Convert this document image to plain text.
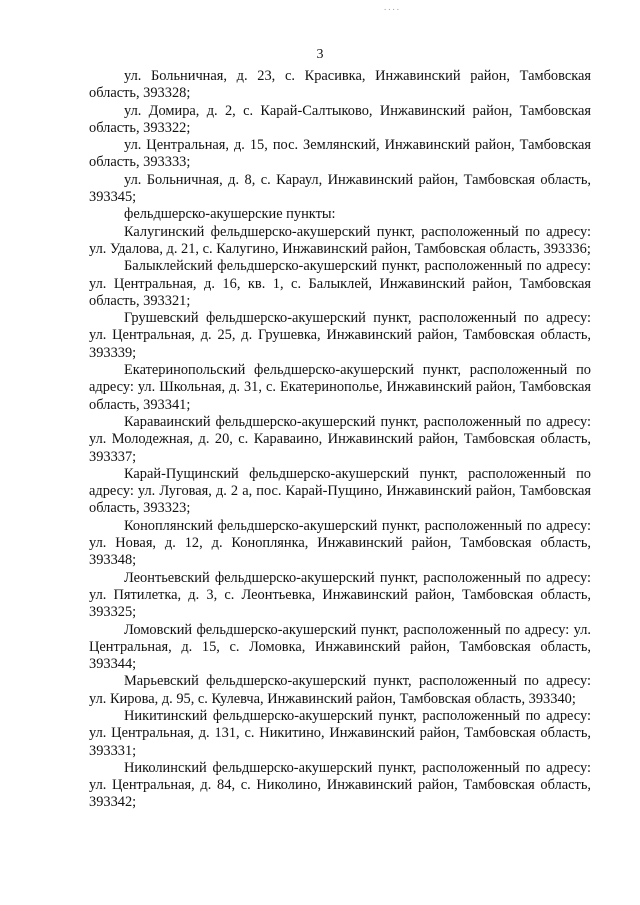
....
3

ул. Больничная, д. 23, с. Красивка, Инжавинский район, Тамбовская область, 393328;

ул. Домира, д. 2, с. Карай-Салтыково, Инжавинский район, Тамбовская область, 393322;

ул. Центральная, д. 15, пос. Землянский, Инжавинский район, Тамбовская область, 393333;

ул. Больничная, д. 8, с. Караул, Инжавинский район, Тамбовская область, 393345;

фельдшерско-акушерские пункты:

Калугинский фельдшерско-акушерский пункт, расположенный по адресу: ул. Удалова, д. 21, с. Калугино, Инжавинский район, Тамбовская область, 393336;

Балыклейский фельдшерско-акушерский пункт, расположенный по адресу: ул. Центральная, д. 16, кв. 1, с. Балыклей, Инжавинский район, Тамбовская область, 393321;

Грушевский фельдшерско-акушерский пункт, расположенный по адресу: ул. Центральная, д. 25, д. Грушевка, Инжавинский район, Тамбовская область, 393339;

Екатеринопольский фельдшерско-акушерский пункт, расположенный по адресу: ул. Школьная, д. 31, с. Екатеринополье, Инжавинский район, Тамбовская область, 393341;

Караваинский фельдшерско-акушерский пункт, расположенный по адресу: ул. Молодежная, д. 20, с. Караваино, Инжавинский район, Тамбовская область, 393337;

Карай-Пущинский фельдшерско-акушерский пункт, расположенный по адресу: ул. Луговая, д. 2 а, пос. Карай-Пущино, Инжавинский район, Тамбовская область, 393323;

Коноплянский фельдшерско-акушерский пункт, расположенный по адресу: ул. Новая, д. 12, д. Коноплянка, Инжавинский район, Тамбовская область, 393348;

Леонтьевский фельдшерско-акушерский пункт, расположенный по адресу: ул. Пятилетка, д. 3, с. Леонтьевка, Инжавинский район, Тамбовская область, 393325;

Ломовский фельдшерско-акушерский пункт, расположенный по адресу: ул. Центральная, д. 15, с. Ломовка, Инжавинский район, Тамбовская область, 393344;

Марьевский фельдшерско-акушерский пункт, расположенный по адресу: ул. Кирова, д. 95, с. Кулевча, Инжавинский район, Тамбовская область, 393340;

Никитинский фельдшерско-акушерский пункт, расположенный по адресу: ул. Центральная, д. 131, с. Никитино, Инжавинский район, Тамбовская область, 393331;

Николинский фельдшерско-акушерский пункт, расположенный по адресу: ул. Центральная, д. 84, с. Николино, Инжавинский район, Тамбовская область, 393342;
